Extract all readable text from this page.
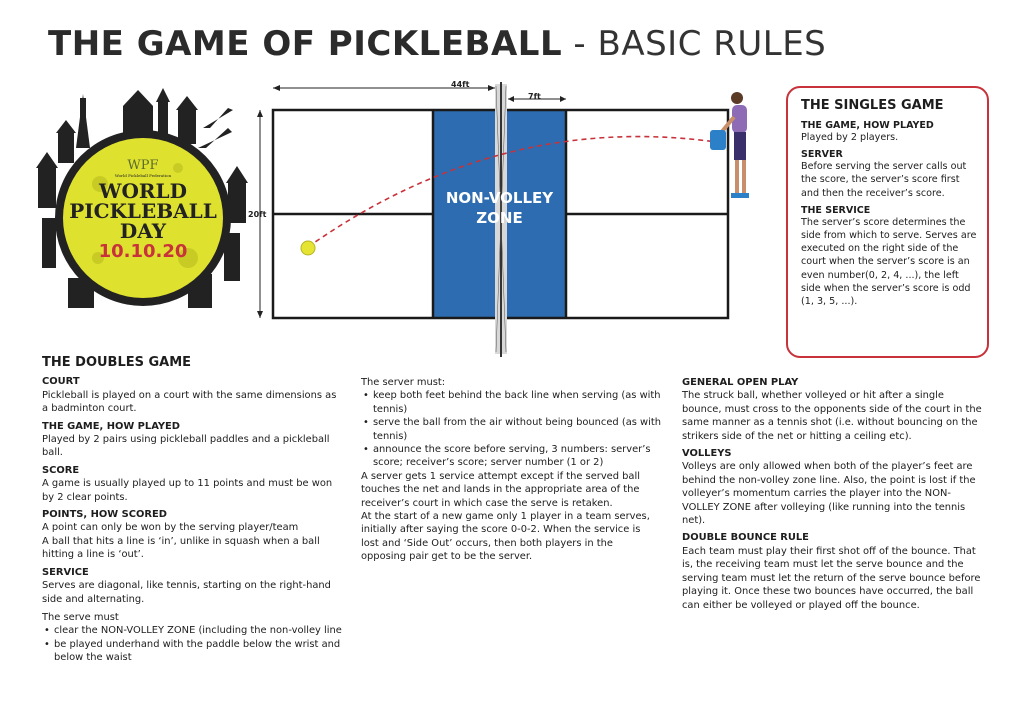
THE GAME OF PICKLEBALL - BASIC RULES
WPF
World Pickleball Federation
WORLD
PICKLEBALL
DAY
10.10.20
NON-VOLLEY
ZONE
44ft
20ft
7ft
THE SINGLES GAME
THE GAME, HOW PLAYED

Played by 2 players.

SERVER

Before serving the server calls out the score, the server’s score first and then the receiver’s score.

THE SERVICE

The server’s score determines the side from which to serve. Serves are executed on the right side of the court when the server’s score is an even number(0, 2, 4, ...), the left side when the server’s score is odd (1, 3, 5, ...).

THE DOUBLES GAME
COURT

Pickleball is played on a court with the same dimensions as a badminton court.

THE GAME, HOW PLAYED

Played by 2 pairs using pickleball paddles and a pickleball ball.

SCORE

A game is usually played up to 11 points and must be won by 2 clear points.

POINTS, HOW SCORED

A point can only be won by the serving player/team

A ball that hits a line is ‘in’, unlike in squash when a ball hitting a line is ‘out’.

SERVICE

Serves are diagonal, like tennis, starting on the right-hand side and alternating.

The serve must

• clear the NON-VOLLEY ZONE (including the non-volley line
• be played underhand with the paddle below the wrist and below the waist

The server must:

• keep both feet behind the back line when serving (as with tennis)
• serve the ball from the air without being bounced (as with tennis)
• announce the score before serving, 3 numbers: server’s score; receiver’s score; server number (1 or 2)

A server gets 1 service attempt except if the served ball touches the net and lands in the appropriate area of the receiver’s court in which case the serve is retaken.

At the start of a new game only 1 player in a team serves, initially after saying the score 0-0-2. When the service is lost and ‘Side Out’ occurs, then both players in the opposing pair get to be the server.

GENERAL OPEN PLAY

The struck ball, whether volleyed or hit after a single bounce, must cross to the opponents side of the court in the same manner as a tennis shot (i.e. without bouncing on the strikers side of the net or hitting a ceiling etc).

VOLLEYS

Volleys are only allowed when both of the player’s feet are behind the non-volley zone line. Also, the point is lost if the volleyer’s momentum carries the player into the NON-VOLLEY ZONE after volleying (like running into the tennis net).

DOUBLE BOUNCE RULE

Each team must play their first shot off of the bounce. That is, the receiving team must let the serve bounce and the serving team must let the return of the serve bounce before playing it. Once these two bounces have occurred, the ball can either be volleyed or played off the bounce.
